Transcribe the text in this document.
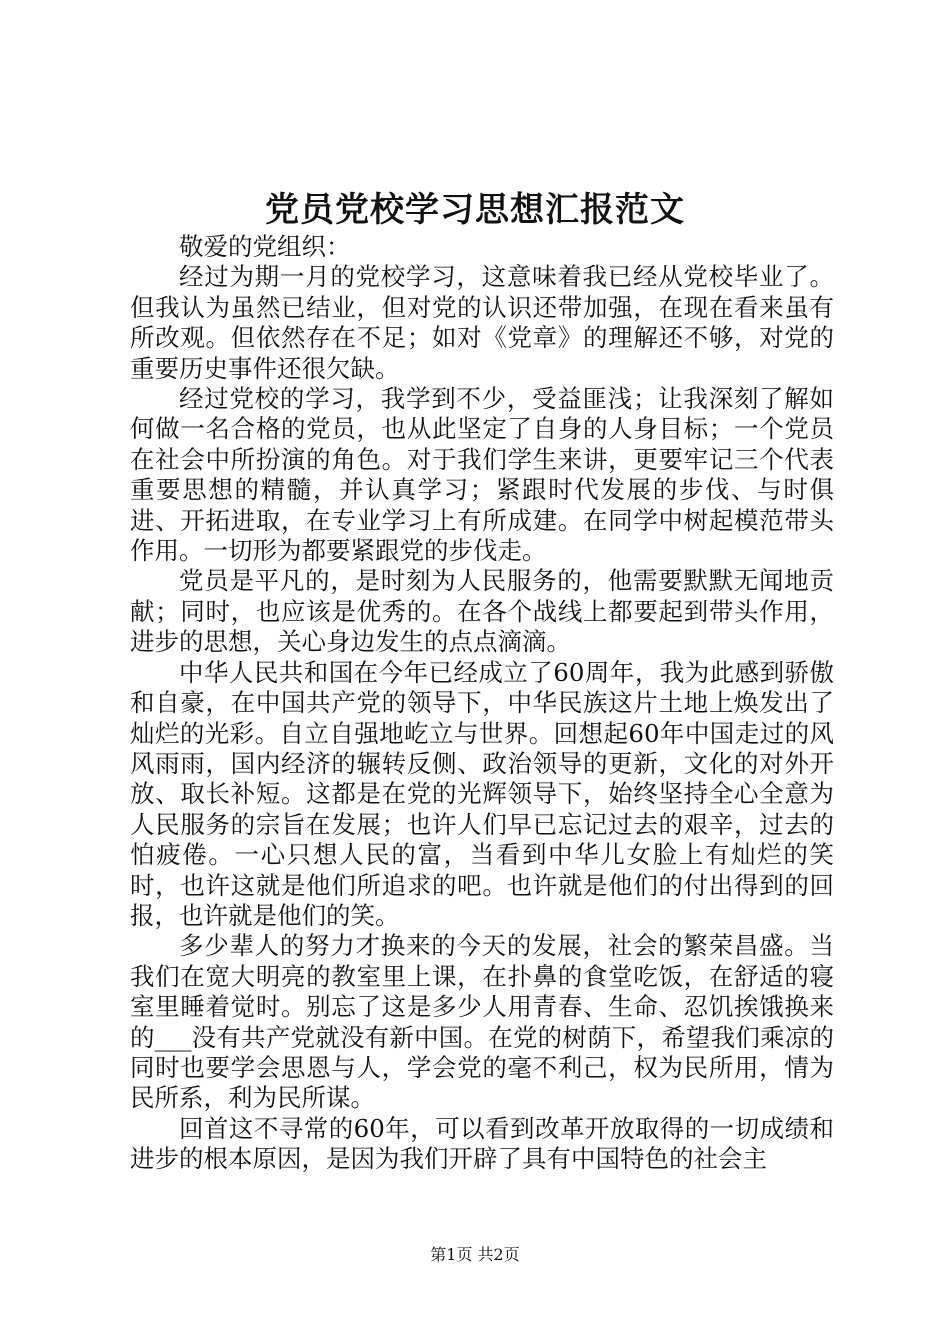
党员党校学习思想汇报范文

敬爱的党组织：

经过为期一月的党校学习，这意味着我已经从党校毕业了。但我认为虽然已结业，但对党的认识还带加强，在现在看来虽有所改观。但依然存在不足；如对《党章》的理解还不够，对党的重要历史事件还很欠缺。

经过党校的学习，我学到不少，受益匪浅；让我深刻了解如何做一名合格的党员，也从此坚定了自身的人身目标；一个党员在社会中所扮演的角色。对于我们学生来讲，更要牢记三个代表重要思想的精髓，并认真学习；紧跟时代发展的步伐、与时俱进、开拓进取，在专业学习上有所成建。在同学中树起模范带头作用。一切形为都要紧跟党的步伐走。

党员是平凡的，是时刻为人民服务的，他需要默默无闻地贡献；同时，也应该是优秀的。在各个战线上都要起到带头作用，进步的思想，关心身边发生的点点滴滴。

中华人民共和国在今年已经成立了60周年，我为此感到骄傲和自豪，在中国共产党的领导下，中华民族这片土地上焕发出了灿烂的光彩。自立自强地屹立与世界。回想起60年中国走过的风风雨雨，国内经济的辗转反侧、政治领导的更新，文化的对外开放、取长补短。这都是在党的光辉领导下，始终坚持全心全意为人民服务的宗旨在发展；也许人们早已忘记过去的艰辛，过去的怕疲倦。一心只想人民的富，当看到中华儿女脸上有灿烂的笑时，也许这就是他们所追求的吧。也许就是他们的付出得到的回报，也许就是他们的笑。

多少辈人的努力才换来的今天的发展，社会的繁荣昌盛。当我们在宽大明亮的教室里上课，在扑鼻的食堂吃饭，在舒适的寝室里睡着觉时。别忘了这是多少人用青春、生命、忍饥挨饿换来的___没有共产党就没有新中国。在党的树荫下，希望我们乘凉的同时也要学会思恩与人，学会党的毫不利己，权为民所用，情为民所系，利为民所谋。

回首这不寻常的60年，可以看到改革开放取得的一切成绩和进步的根本原因，是因为我们开辟了具有中国特色的社会主

第1页 共2页
